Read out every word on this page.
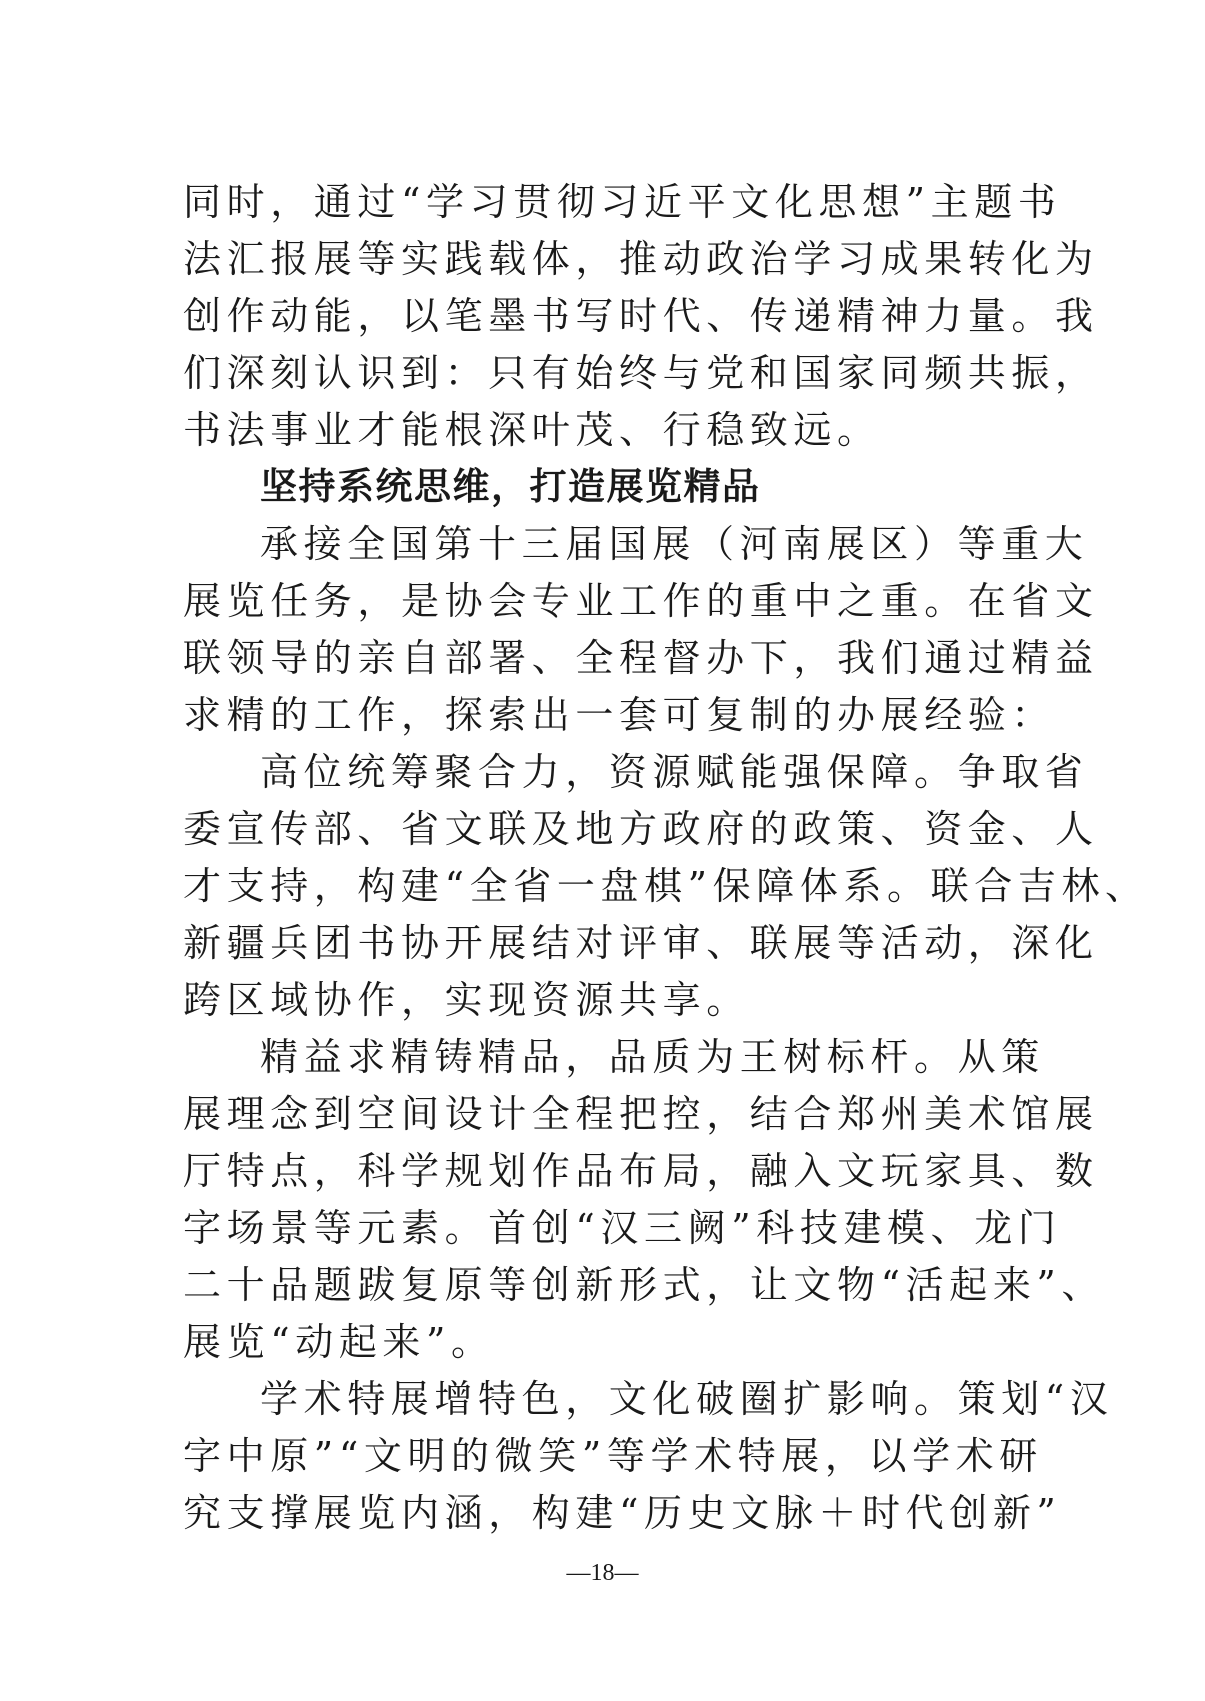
同时，通过“学习贯彻习近平文化思想”主题书
法汇报展等实践载体，推动政治学习成果转化为
创作动能，以笔墨书写时代、传递精神力量。我
们深刻认识到：只有始终与党和国家同频共振，
书法事业才能根深叶茂、行稳致远。
坚持系统思维，打造展览精品
承接全国第十三届国展（河南展区）等重大
展览任务，是协会专业工作的重中之重。在省文
联领导的亲自部署、全程督办下，我们通过精益
求精的工作，探索出一套可复制的办展经验：
高位统筹聚合力，资源赋能强保障。争取省
委宣传部、省文联及地方政府的政策、资金、人
才支持，构建“全省一盘棋”保障体系。联合吉林、
新疆兵团书协开展结对评审、联展等活动，深化
跨区域协作，实现资源共享。
精益求精铸精品，品质为王树标杆。从策
展理念到空间设计全程把控，结合郑州美术馆展
厅特点，科学规划作品布局，融入文玩家具、数
字场景等元素。首创“汉三阙”科技建模、龙门
二十品题跋复原等创新形式，让文物“活起来”、
展览“动起来”。
学术特展增特色，文化破圈扩影响。策划“汉
字中原”“文明的微笑”等学术特展，以学术研
究支撑展览内涵，构建“历史文脉＋时代创新”
—18—
